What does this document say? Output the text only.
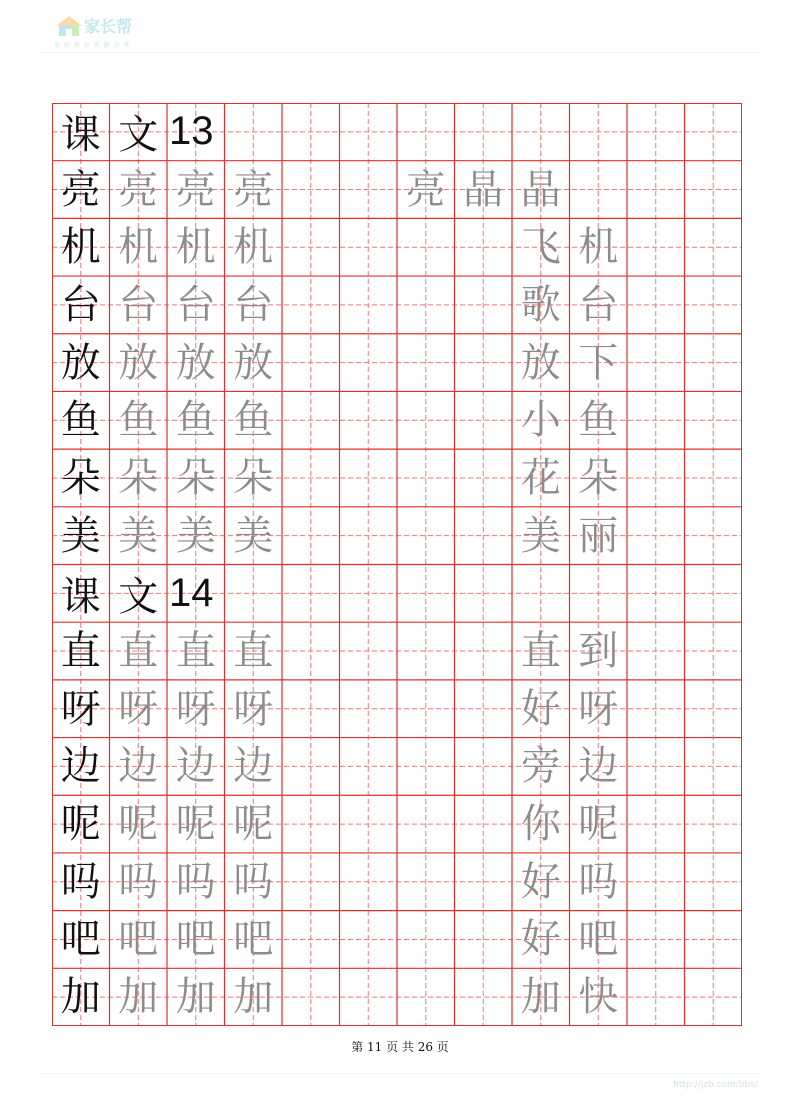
家长帮
家 庭 教 育 资 源 分 享
课 文 13
亮 亮 亮 亮	亮 晶 晶
机 机 机 机	飞 机
台 台 台 台	歌 台
放 放 放 放	放 下
鱼 鱼 鱼 鱼	小 鱼
朵 朵 朵 朵	花 朵
美 美 美 美	美 丽
课 文 14
直 直 直 直	直 到
呀 呀 呀 呀	好 呀
边 边 边 边	旁 边
呢 呢 呢 呢	你 呢
吗 吗 吗 吗	好 吗
吧 吧 吧 吧	好 吧
加 加 加 加	加 快
第 11 页 共 26 页
http://jzb.com/bbs/
